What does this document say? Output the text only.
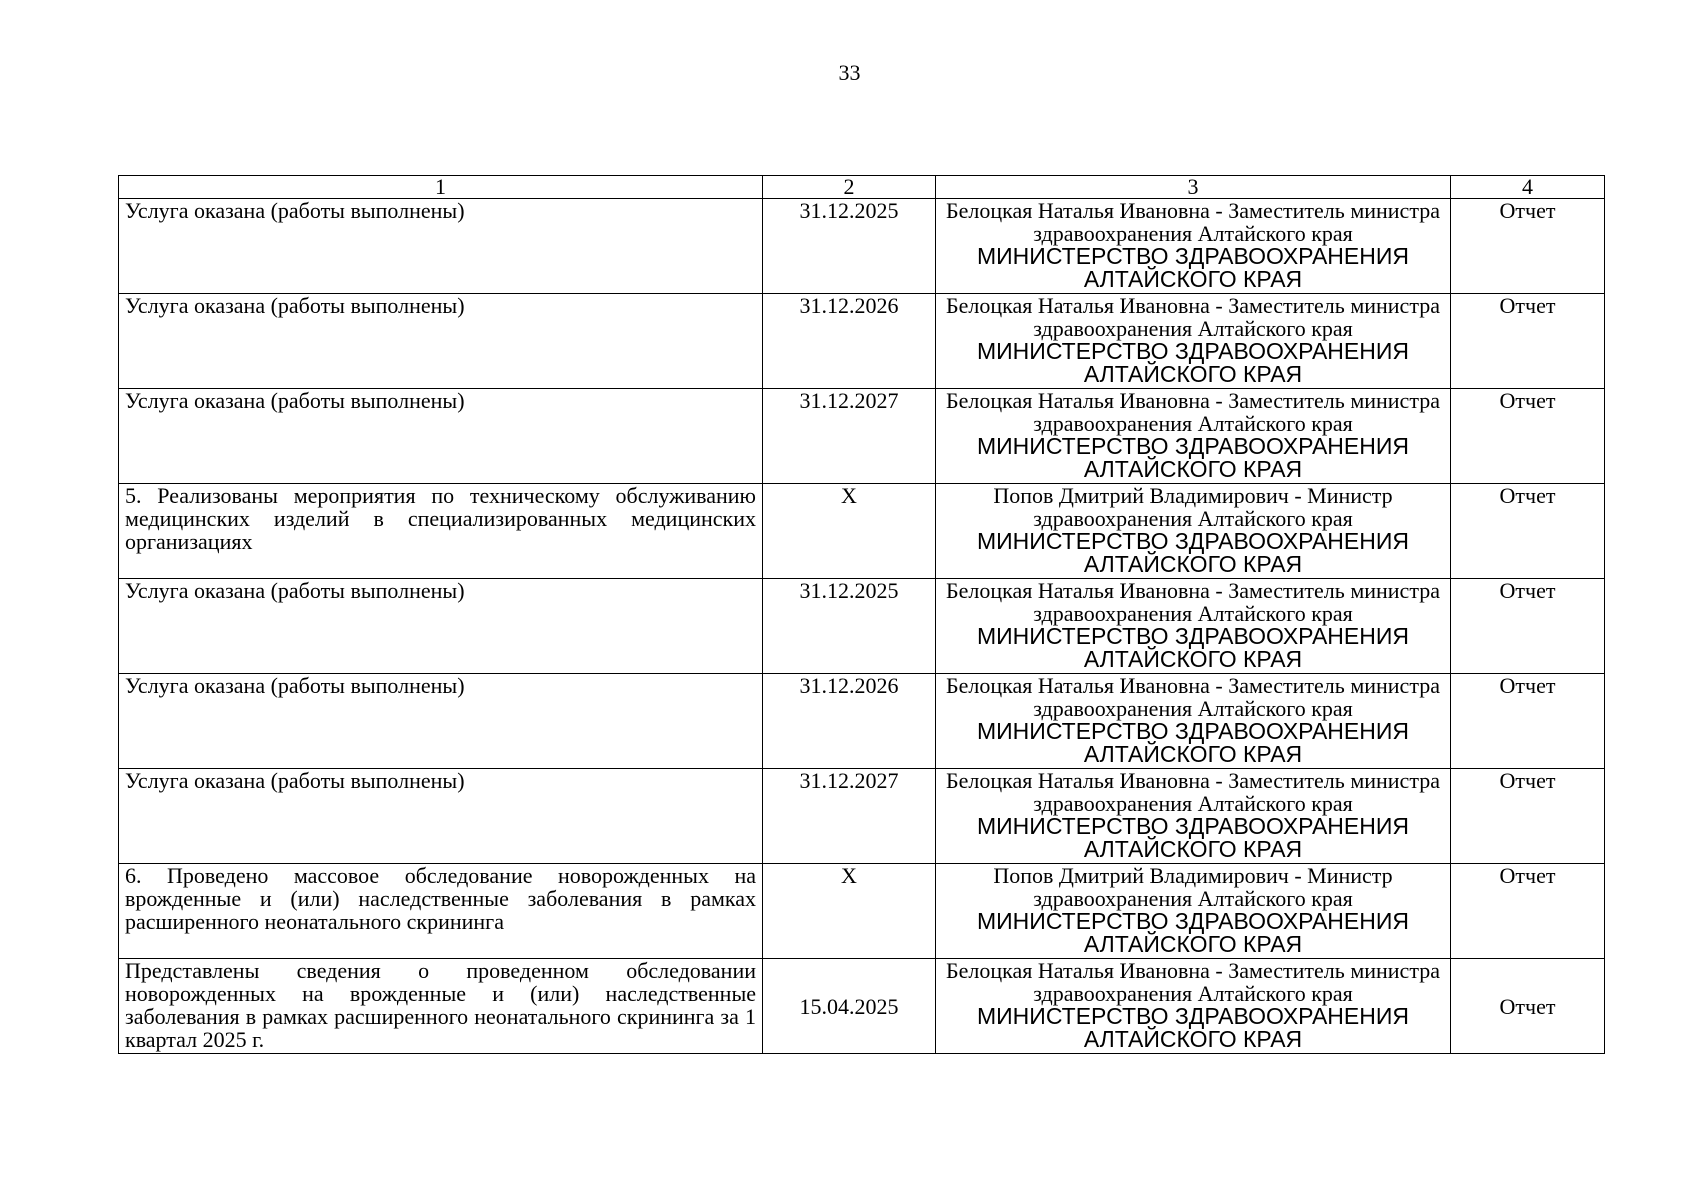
33
1	2	3	4
Услуга оказана (работы выполнены)	31.12.2025	Белоцкая Наталья Ивановна - Заместитель министра здравоохранения Алтайского края
МИНИСТЕРСТВО ЗДРАВООХРАНЕНИЯ АЛТАЙСКОГО КРАЯ	Отчет
Услуга оказана (работы выполнены)	31.12.2026	Белоцкая Наталья Ивановна - Заместитель министра здравоохранения Алтайского края
МИНИСТЕРСТВО ЗДРАВООХРАНЕНИЯ АЛТАЙСКОГО КРАЯ	Отчет
Услуга оказана (работы выполнены)	31.12.2027	Белоцкая Наталья Ивановна - Заместитель министра здравоохранения Алтайского края
МИНИСТЕРСТВО ЗДРАВООХРАНЕНИЯ АЛТАЙСКОГО КРАЯ	Отчет
5. Реализованы мероприятия по техническому обслуживанию медицинских изделий в специализированных медицинских организациях	X	Попов Дмитрий Владимирович - Министр здравоохранения Алтайского края
МИНИСТЕРСТВО ЗДРАВООХРАНЕНИЯ АЛТАЙСКОГО КРАЯ	Отчет
Услуга оказана (работы выполнены)	31.12.2025	Белоцкая Наталья Ивановна - Заместитель министра здравоохранения Алтайского края
МИНИСТЕРСТВО ЗДРАВООХРАНЕНИЯ АЛТАЙСКОГО КРАЯ	Отчет
Услуга оказана (работы выполнены)	31.12.2026	Белоцкая Наталья Ивановна - Заместитель министра здравоохранения Алтайского края
МИНИСТЕРСТВО ЗДРАВООХРАНЕНИЯ АЛТАЙСКОГО КРАЯ	Отчет
Услуга оказана (работы выполнены)	31.12.2027	Белоцкая Наталья Ивановна - Заместитель министра здравоохранения Алтайского края
МИНИСТЕРСТВО ЗДРАВООХРАНЕНИЯ АЛТАЙСКОГО КРАЯ	Отчет
6. Проведено массовое обследование новорожденных на врожденные и (или) наследственные заболевания в рамках расширенного неонатального скрининга	X	Попов Дмитрий Владимирович - Министр здравоохранения Алтайского края
МИНИСТЕРСТВО ЗДРАВООХРАНЕНИЯ АЛТАЙСКОГО КРАЯ	Отчет
Представлены сведения о проведенном обследовании новорожденных на врожденные и (или) наследственные заболевания в рамках расширенного неонатального скрининга за 1 квартал 2025 г.	15.04.2025	Белоцкая Наталья Ивановна - Заместитель министра здравоохранения Алтайского края
МИНИСТЕРСТВО ЗДРАВООХРАНЕНИЯ АЛТАЙСКОГО КРАЯ	Отчет
